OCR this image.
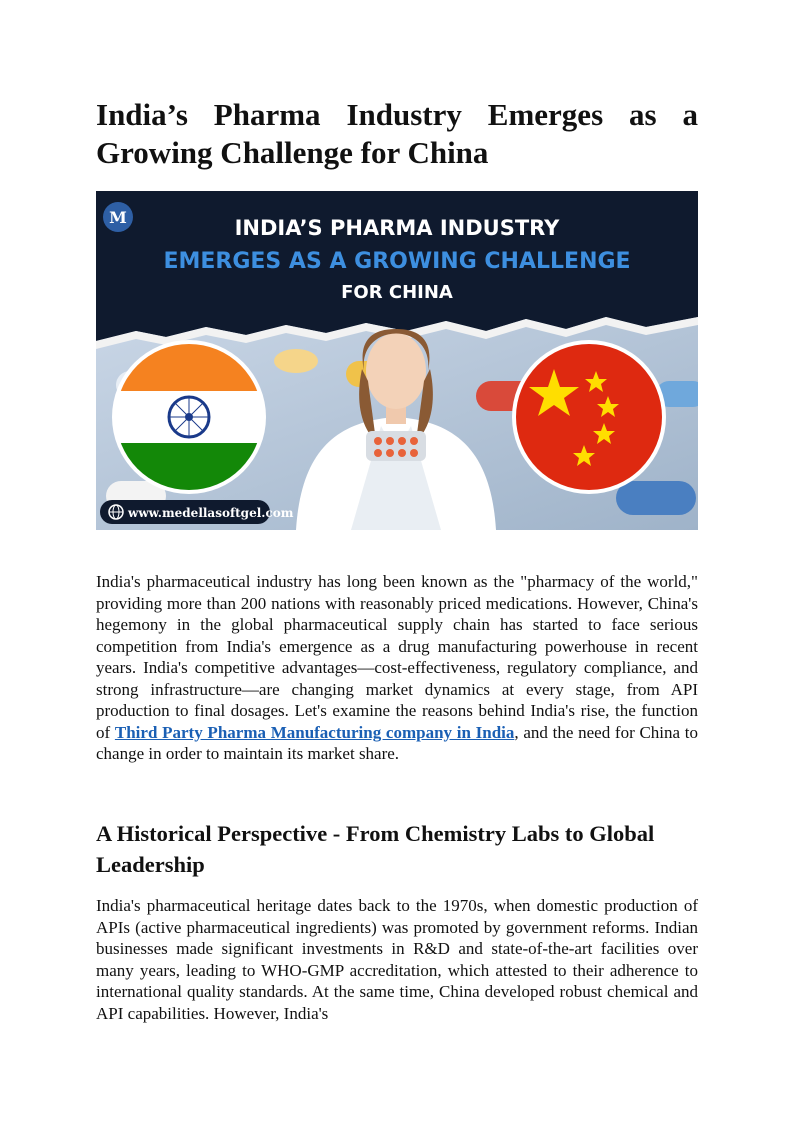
India’s Pharma Industry Emerges as a Growing Challenge for China
M	INDIA’S PHARMA INDUSTRY
EMERGES AS A GROWING CHALLENGE
FOR CHINA
www.medellasoftgel.com

India's pharmaceutical industry has long been known as the "pharmacy of the world," providing more than 200 nations with reasonably priced medications. However, China's hegemony in the global pharmaceutical supply chain has started to face serious competition from India's emergence as a drug manufacturing powerhouse in recent years. India's competitive advantages—cost-effectiveness, regulatory compliance, and strong infrastructure—are changing market dynamics at every stage, from API production to final dosages. Let's examine the reasons behind India's rise, the function of Third Party Pharma Manufacturing company in India, and the need for China to change in order to maintain its market share.

A Historical Perspective - From Chemistry Labs to Global Leadership

India's pharmaceutical heritage dates back to the 1970s, when domestic production of APIs (active pharmaceutical ingredients) was promoted by government reforms. Indian businesses made significant investments in R&D and state-of-the-art facilities over many years, leading to WHO-GMP accreditation, which attested to their adherence to international quality standards. At the same time, China developed robust chemical and API capabilities. However, India's
